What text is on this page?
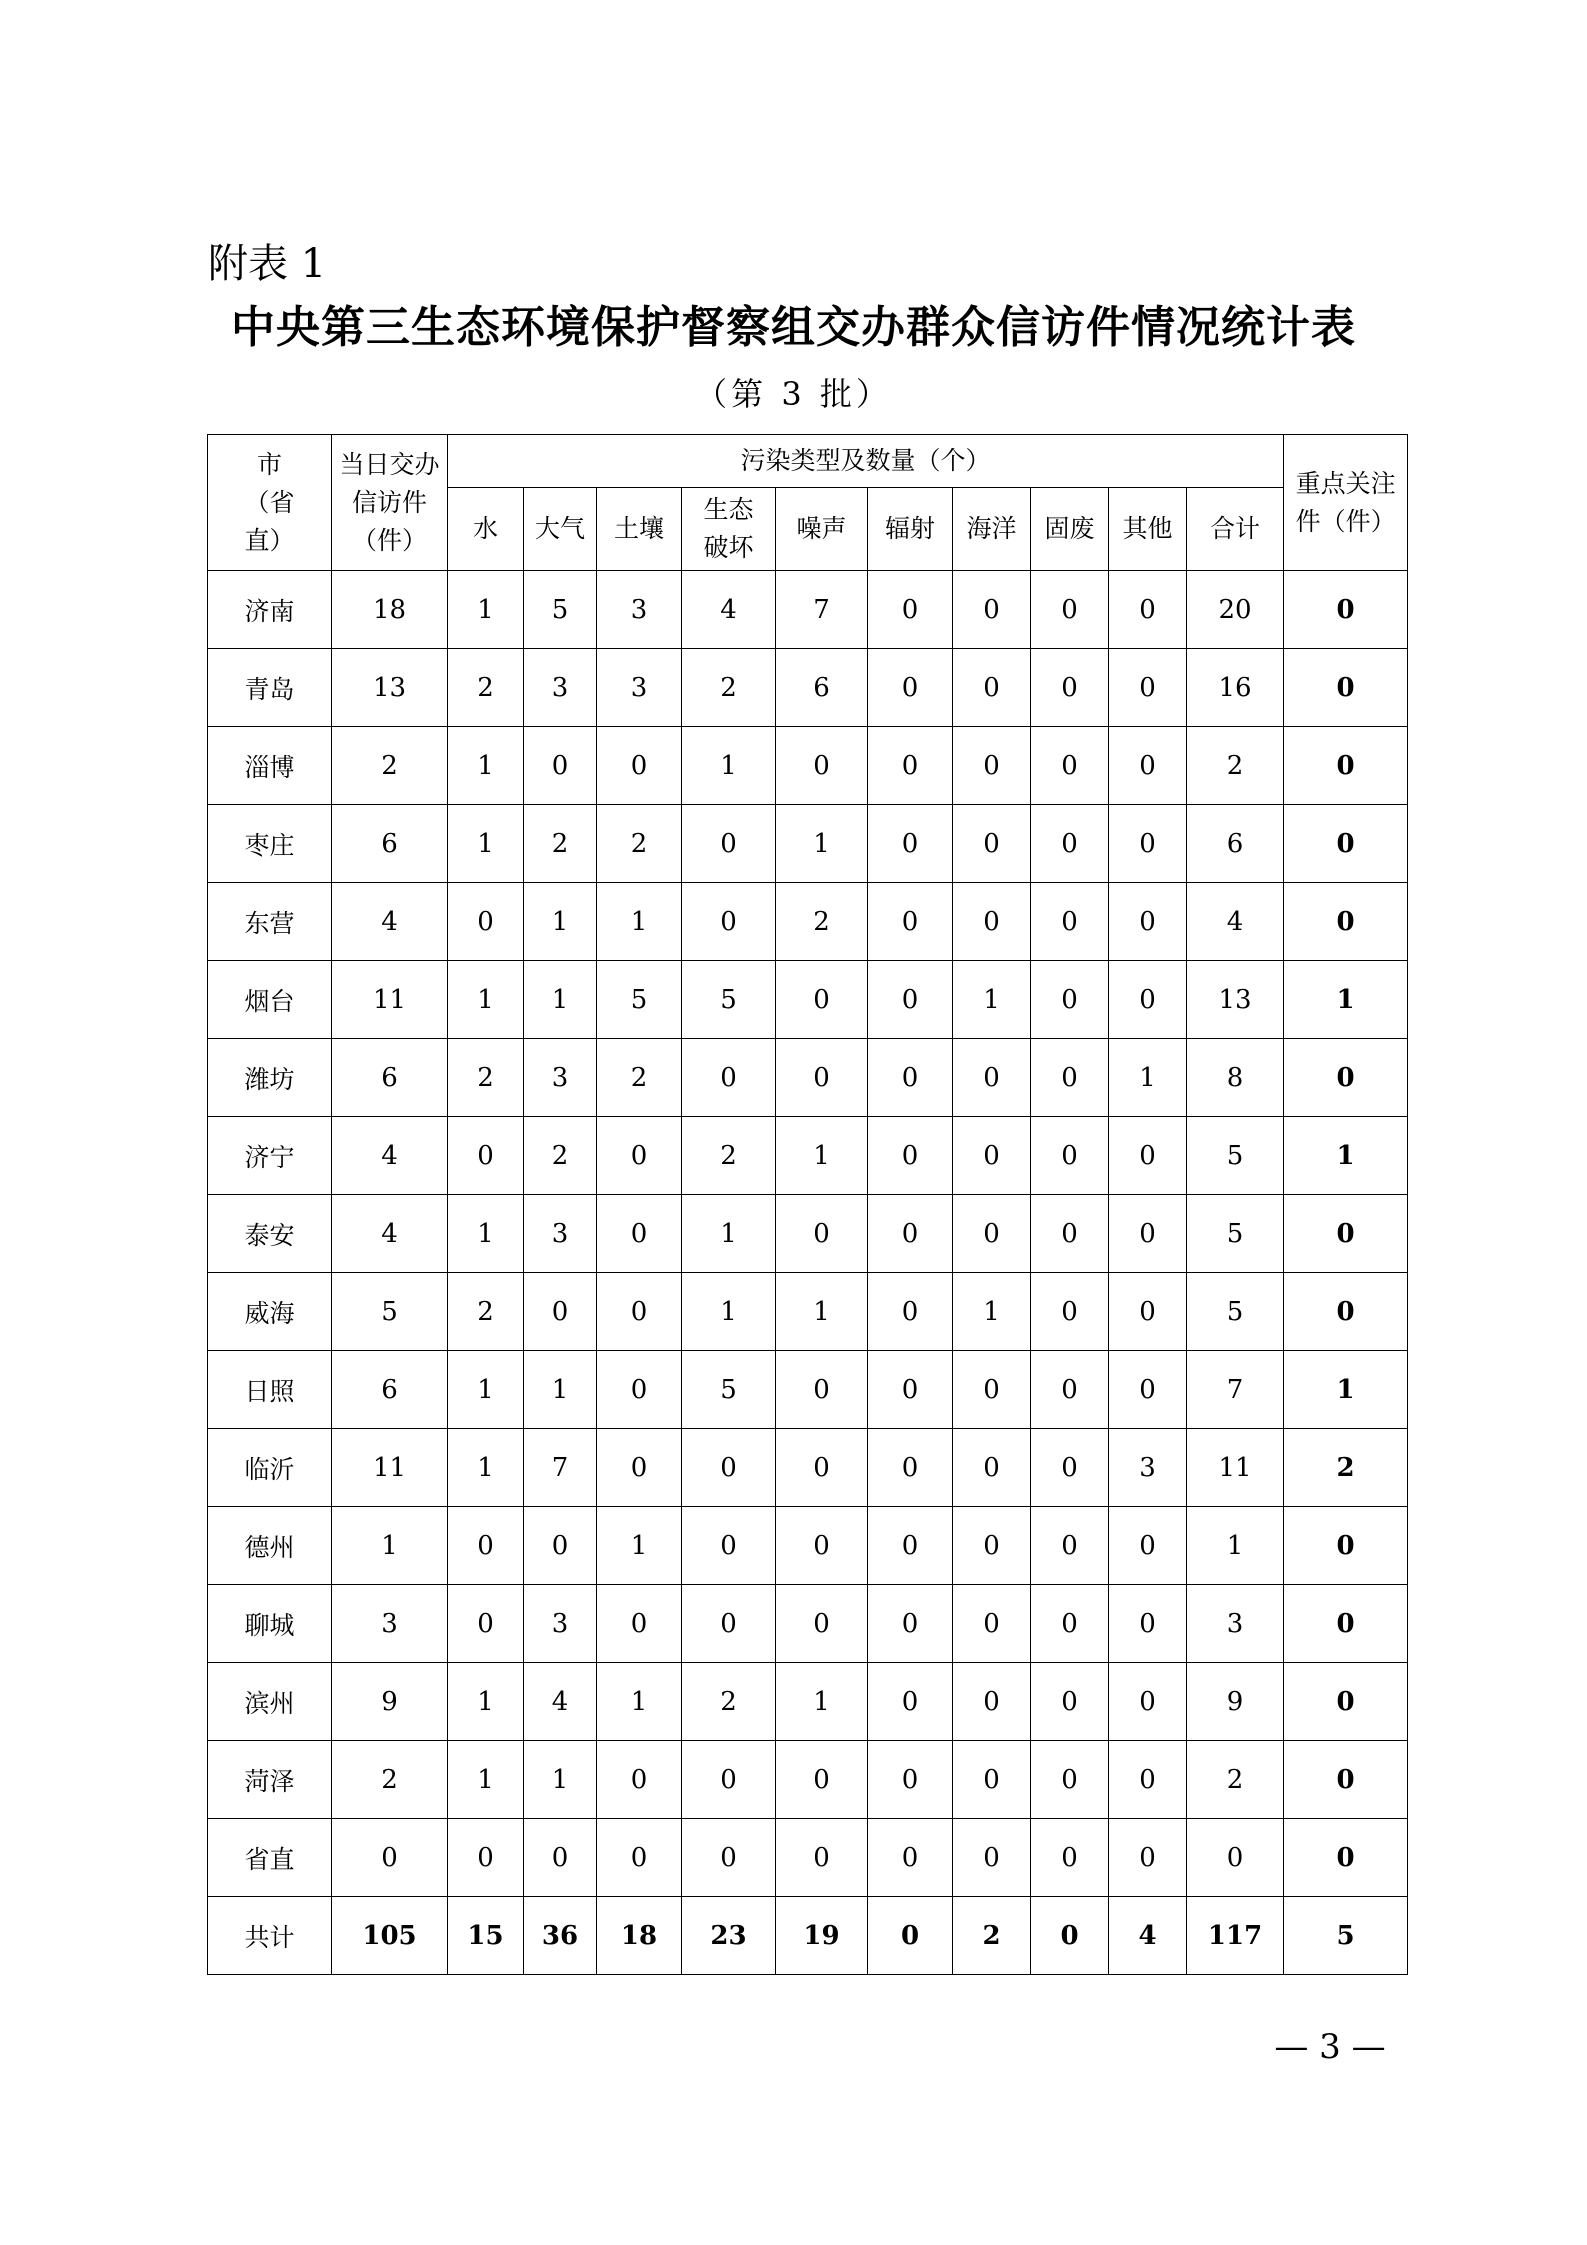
附表 1
中央第三生态环境保护督察组交办群众信访件情况统计表
（第 3 批）
市（省直）	当日交办信访件（件）	污染类型及数量（个）										重点关注件（件）
		水	大气	土壤	生态破坏	噪声	辐射	海洋	固废	其他	合计	
济南	18	1	5	3	4	7	0	0	0	0	20	0
青岛	13	2	3	3	2	6	0	0	0	0	16	0
淄博	2	1	0	0	1	0	0	0	0	0	2	0
枣庄	6	1	2	2	0	1	0	0	0	0	6	0
东营	4	0	1	1	0	2	0	0	0	0	4	0
烟台	11	1	1	5	5	0	0	1	0	0	13	1
潍坊	6	2	3	2	0	0	0	0	0	1	8	0
济宁	4	0	2	0	2	1	0	0	0	0	5	1
泰安	4	1	3	0	1	0	0	0	0	0	5	0
威海	5	2	0	0	1	1	0	1	0	0	5	0
日照	6	1	1	0	5	0	0	0	0	0	7	1
临沂	11	1	7	0	0	0	0	0	0	3	11	2
德州	1	0	0	1	0	0	0	0	0	0	1	0
聊城	3	0	3	0	0	0	0	0	0	0	3	0
滨州	9	1	4	1	2	1	0	0	0	0	9	0
菏泽	2	1	1	0	0	0	0	0	0	0	2	0
省直	0	0	0	0	0	0	0	0	0	0	0	0
共计	105	15	36	18	23	19	0	2	0	4	117	5
— 3 —
